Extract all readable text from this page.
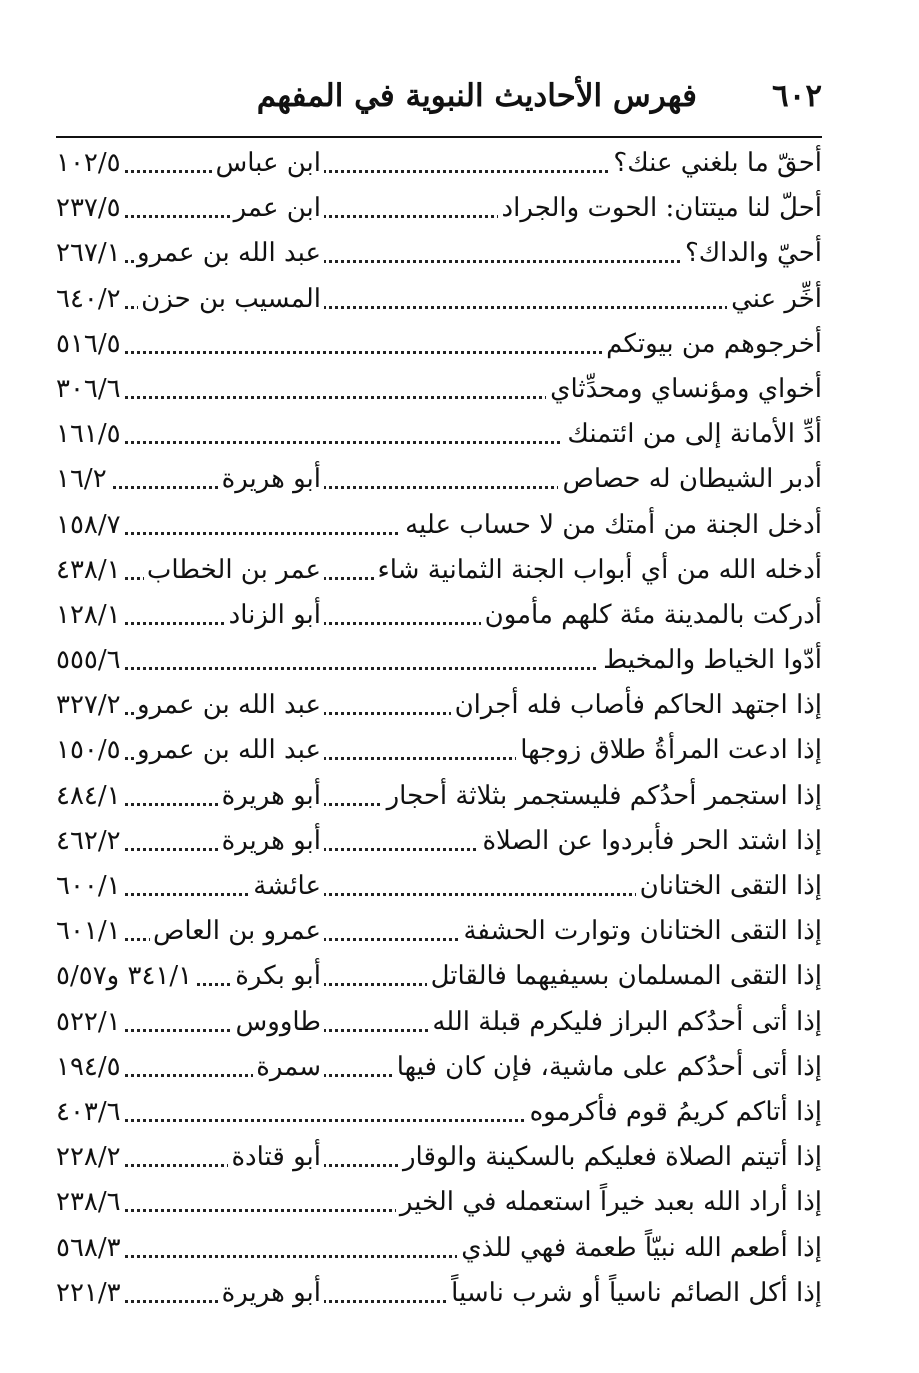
فهرس الأحاديث النبوية في المفهم ٦٠٢
أحقّ ما بلغني عنك؟
ابن عباس
١٠٢/٥
أحلّ لنا ميتتان: الحوت والجراد
ابن عمر
٢٣٧/٥
أحيّ والداك؟
عبد الله بن عمرو
٢٦٧/١
أخِّر عني
المسيب بن حزن
٦٤٠/٢
أخرجوهم من بيوتكم
٥١٦/٥
أخواي ومؤنساي ومحدِّثاي
٣٠٦/٦
أدِّ الأمانة إلى من ائتمنك
١٦١/٥
أدبر الشيطان له حصاص
أبو هريرة
١٦/٢
أدخل الجنة من أمتك من لا حساب عليه
١٥٨/٧
أدخله الله من أي أبواب الجنة الثمانية شاء
عمر بن الخطاب
٤٣٨/١
أدركت بالمدينة مئة كلهم مأمون
أبو الزناد
١٢٨/١
أدّوا الخياط والمخيط
٥٥٥/٦
إذا اجتهد الحاكم فأصاب فله أجران
عبد الله بن عمرو
٣٢٧/٢
إذا ادعت المرأةُ طلاق زوجها
عبد الله بن عمرو
١٥٠/٥
إذا استجمر أحدُكم فليستجمر بثلاثة أحجار
أبو هريرة
٤٨٤/١
إذا اشتد الحر فأبردوا عن الصلاة
أبو هريرة
٤٦٢/٢
إذا التقى الختانان
عائشة
٦٠٠/١
إذا التقى الختانان وتوارت الحشفة
عمرو بن العاص
٦٠١/١
إذا التقى المسلمان بسيفيهما فالقاتل
أبو بكرة
٣٤١/١ و٥/٥٧
إذا أتى أحدُكم البراز فليكرم قبلة الله
طاووس
٥٢٢/١
إذا أتى أحدُكم على ماشية، فإن كان فيها
سمرة
١٩٤/٥
إذا أتاكم كريمُ قوم فأكرموه
٤٠٣/٦
إذا أتيتم الصلاة فعليكم بالسكينة والوقار
أبو قتادة
٢٢٨/٢
إذا أراد الله بعبد خيراً استعمله في الخير
٢٣٨/٦
إذا أطعم الله نبيّاً طعمة فهي للذي
٥٦٨/٣
إذا أكل الصائم ناسياً أو شرب ناسياً
أبو هريرة
٢٢١/٣
